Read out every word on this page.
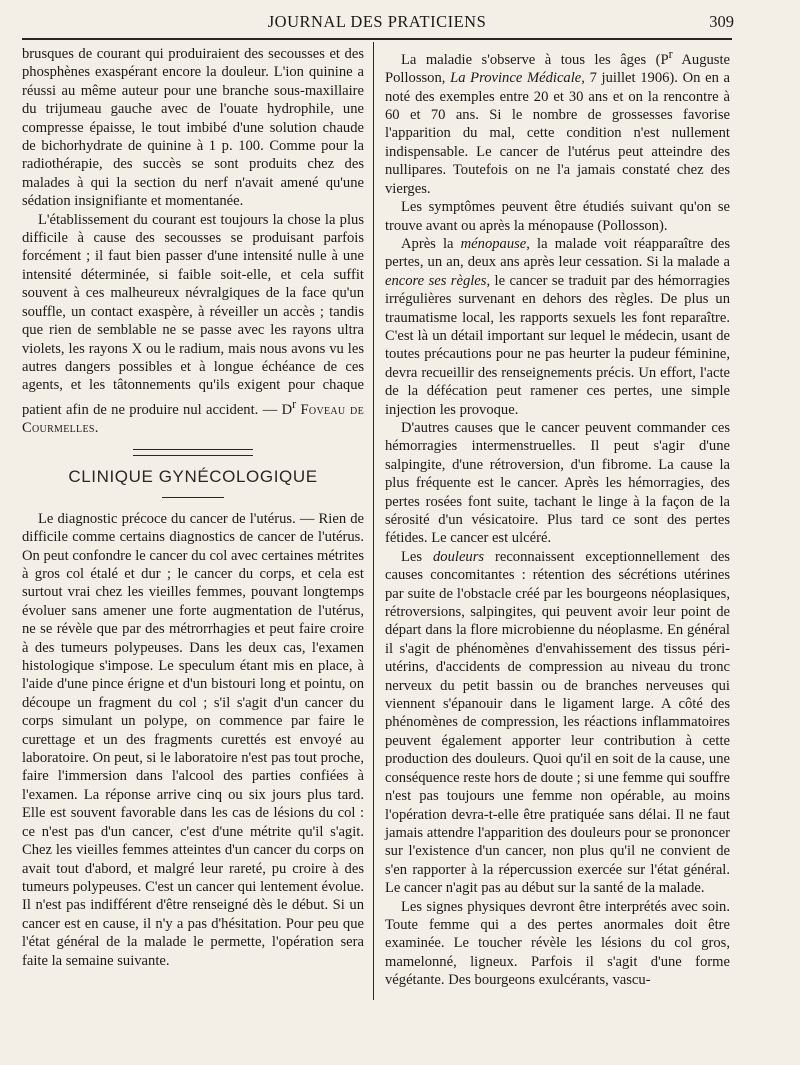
JOURNAL DES PRATICIENS	309

brusques de courant qui produiraient des secousses et des phosphènes exaspérant encore la douleur. L'ion quinine a réussi au même auteur pour une branche sous-maxillaire du trijumeau gauche avec de l'ouate hydrophile, une compresse épaisse, le tout imbibé d'une solution chaude de bichorhydrate de quinine à 1 p. 100. Comme pour la radiothérapie, des succès se sont produits chez des malades à qui la section du nerf n'avait amené qu'une sédation insignifiante et momentanée.

L'établissement du courant est toujours la chose la plus difficile à cause des secousses se produisant parfois forcément ; il faut bien passer d'une intensité nulle à une intensité déterminée, si faible soit-elle, et cela suffit souvent à ces malheureux névralgiques de la face qu'un souffle, un contact exaspère, à réveiller un accès ; tandis que rien de semblable ne se passe avec les rayons ultra violets, les rayons X ou le radium, mais nous avons vu les autres dangers possibles et à longue échéance de ces agents, et les tâtonnements qu'ils exigent pour chaque patient afin de ne produire nul accident. — $D^r$ Foveau de Courmelles.

CLINIQUE GYNÉCOLOGIQUE

Le diagnostic précoce du cancer de l'utérus. — Rien de difficile comme certains diagnostics de cancer de l'utérus. On peut confondre le cancer du col avec certaines métrites à gros col étalé et dur ; le cancer du corps, et cela est surtout vrai chez les vieilles femmes, pouvant longtemps évoluer sans amener une forte augmentation de l'utérus, ne se révèle que par des métrorrhagies et peut faire croire à des tumeurs polypeuses. Dans les deux cas, l'examen histologique s'impose. Le speculum étant mis en place, à l'aide d'une pince érigne et d'un bistouri long et pointu, on découpe un fragment du col ; s'il s'agit d'un cancer du corps simulant un polype, on commence par faire le curettage et un des fragments curettés est envoyé au laboratoire. On peut, si le laboratoire n'est pas tout proche, faire l'immersion dans l'alcool des parties confiées à l'examen. La réponse arrive cinq ou six jours plus tard. Elle est souvent favorable dans les cas de lésions du col : ce n'est pas d'un cancer, c'est d'une métrite qu'il s'agit. Chez les vieilles femmes atteintes d'un cancer du corps on avait tout d'abord, et malgré leur rareté, pu croire à des tumeurs polypeuses. C'est un cancer qui lentement évolue. Il n'est pas indifférent d'être renseigné dès le début. Si un cancer est en cause, il n'y a pas d'hésitation. Pour peu que l'état général de la malade le permette, l'opération sera faite la semaine suivante.

La maladie s'observe à tous les âges ($P^r$ Auguste Pollosson, La Province Médicale, 7 juillet 1906). On en a noté des exemples entre 20 et 30 ans et on la rencontre à 60 et 70 ans. Si le nombre de grossesses favorise l'apparition du mal, cette condition n'est nullement indispensable. Le cancer de l'utérus peut atteindre des nullipares. Toutefois on ne l'a jamais constaté chez des vierges.

Les symptômes peuvent être étudiés suivant qu'on se trouve avant ou après la ménopause (Pollosson).

Après la ménopause, la malade voit réapparaître des pertes, un an, deux ans après leur cessation. Si la malade a encore ses règles, le cancer se traduit par des hémorragies irrégulières survenant en dehors des règles. De plus un traumatisme local, les rapports sexuels les font reparaître. C'est là un détail important sur lequel le médecin, usant de toutes précautions pour ne pas heurter la pudeur féminine, devra recueillir des renseignements précis. Un effort, l'acte de la défécation peut ramener ces pertes, une simple injection les provoque.

D'autres causes que le cancer peuvent commander ces hémorragies intermenstruelles. Il peut s'agir d'une salpingite, d'une rétroversion, d'un fibrome. La cause la plus fréquente est le cancer. Après les hémorragies, des pertes rosées font suite, tachant le linge à la façon de la sérosité d'un vésicatoire. Plus tard ce sont des pertes fétides. Le cancer est ulcéré.

Les douleurs reconnaissent exceptionnellement des causes concomitantes : rétention des sécrétions utérines par suite de l'obstacle créé par les bourgeons néoplasiques, rétroversions, salpingites, qui peuvent avoir leur point de départ dans la flore microbienne du néoplasme. En général il s'agit de phénomènes d'envahissement des tissus péri-utérins, d'accidents de compression au niveau du tronc nerveux du petit bassin ou de branches nerveuses qui viennent s'épanouir dans le ligament large. A côté des phénomènes de compression, les réactions inflammatoires peuvent également apporter leur contribution à cette production des douleurs. Quoi qu'il en soit de la cause, une conséquence reste hors de doute ; si une femme qui souffre n'est pas toujours une femme non opérable, au moins l'opération devra-t-elle être pratiquée sans délai. Il ne faut jamais attendre l'apparition des douleurs pour se prononcer sur l'existence d'un cancer, non plus qu'il ne convient de s'en rapporter à la répercussion exercée sur l'état général. Le cancer n'agit pas au début sur la santé de la malade.

Les signes physiques devront être interprétés avec soin. Toute femme qui a des pertes anormales doit être examinée. Le toucher révèle les lésions du col gros, mamelonné, ligneux. Parfois il s'agit d'une forme végétante. Des bourgeons exulcérants, vascu-
